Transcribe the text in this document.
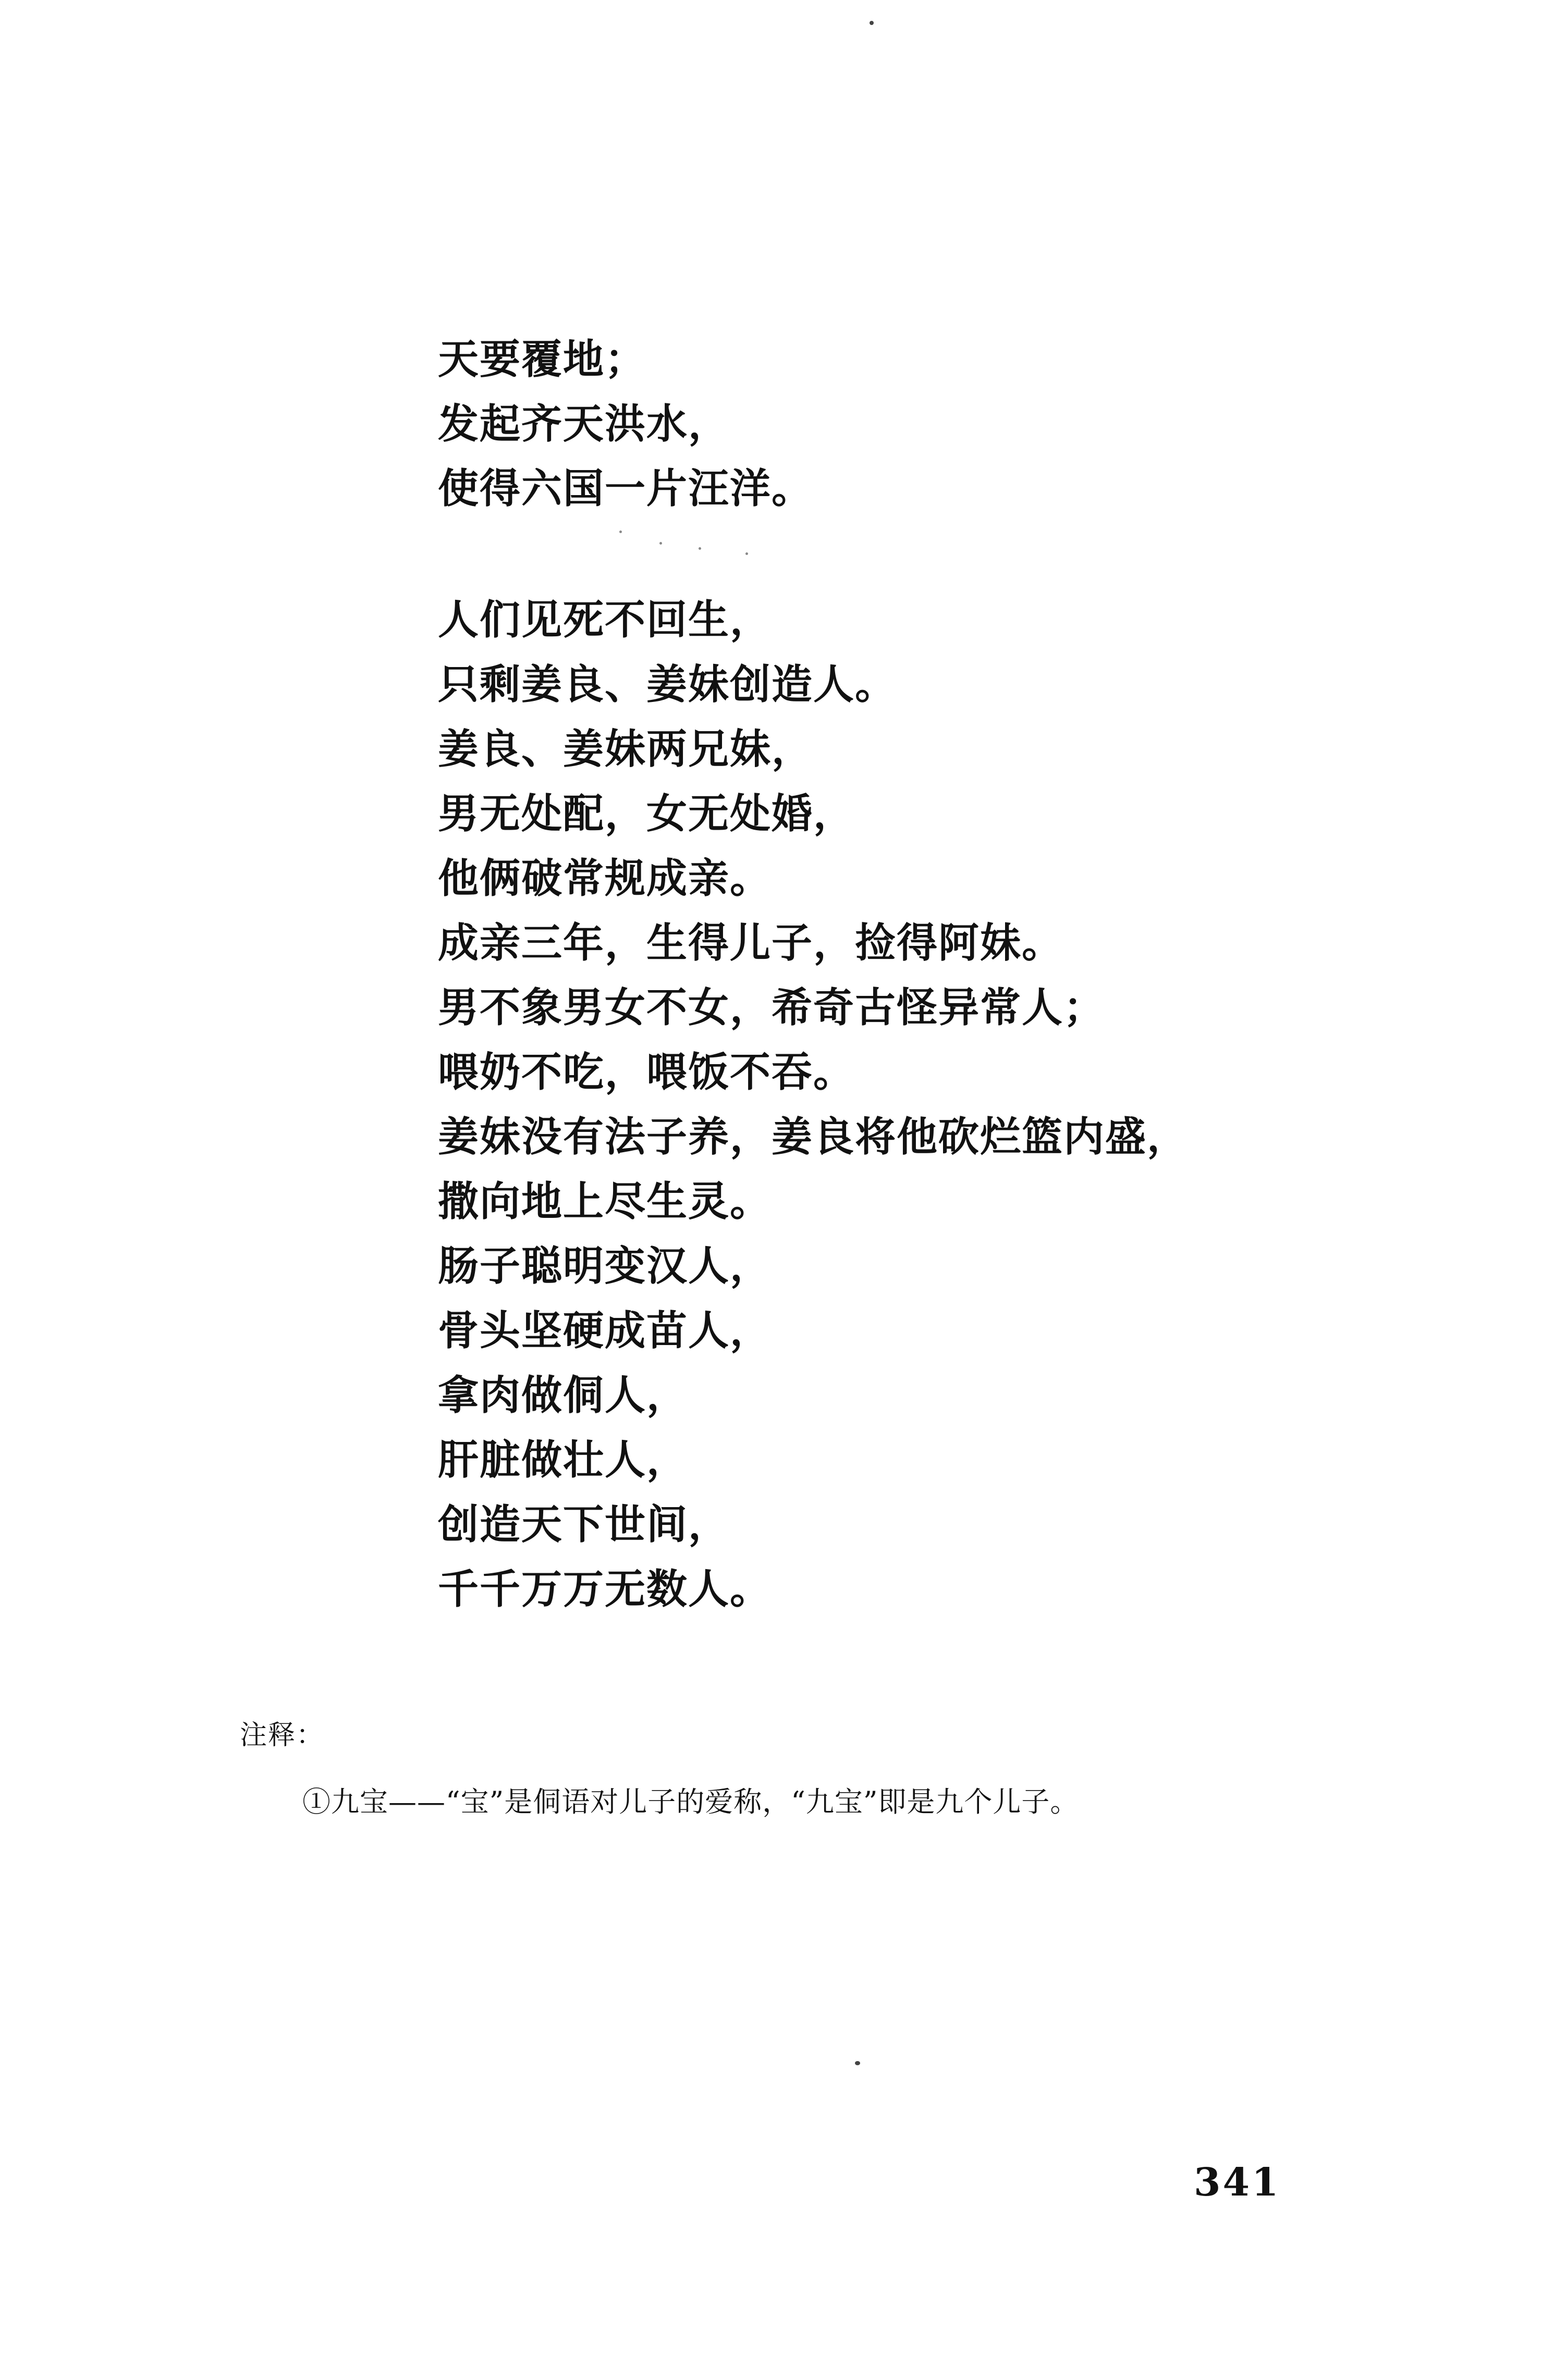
天要覆地；
发起齐天洪水，
使得六国一片汪洋。
人们见死不回生，
只剩姜良、姜妹创造人。
姜良、姜妹两兄妹，
男无处配，女无处婚，
他俩破常规成亲。
成亲三年，生得儿子，捡得阿妹。
男不象男女不女，希奇古怪异常人；
喂奶不吃，喂饭不吞。
姜妹没有法子养，姜良将他砍烂篮内盛，
撒向地上尽生灵。
肠子聪明变汉人，
骨头坚硬成苗人，
拿肉做侗人，
肝脏做壮人，
创造天下世间，
千千万万无数人。
注释：
①九宝——“宝”是侗语对儿子的爱称，“九宝”即是九个儿子。
341
